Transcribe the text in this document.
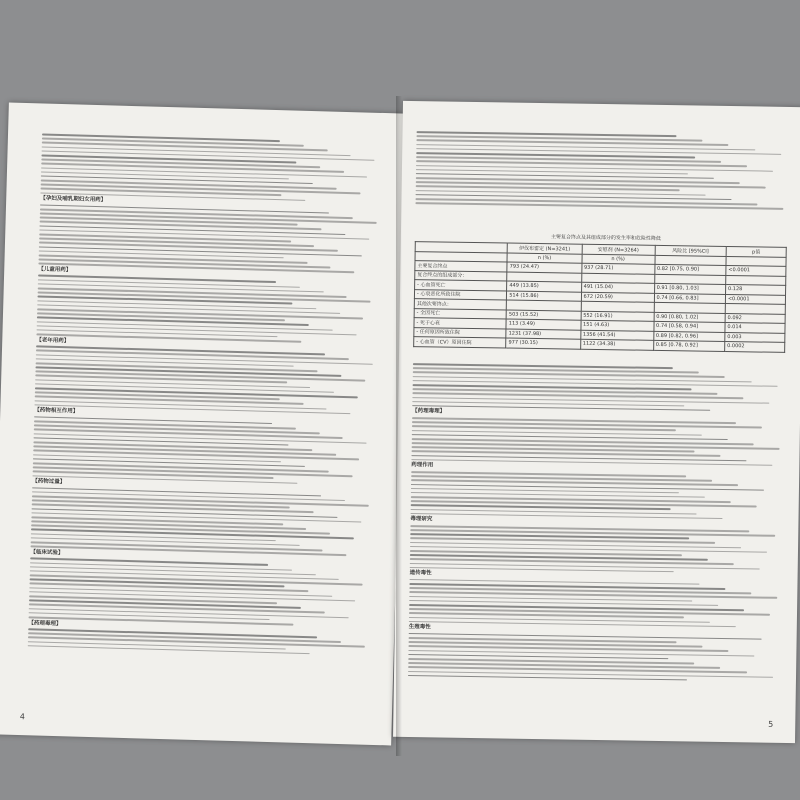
【孕妇及哺乳期妇女用药】
【儿童用药】
【老年用药】
【药物相互作用】
【药物过量】
【临床试验】
【药理毒理】
4
主要复合终点及其组成部分的发生率和危险性降低
	伊伐布雷定 (N=3241)	安慰剂 (N=3264)	风险比 [95%CI]	p值
	n (%)	n (%)		
主要复合终点	793 (24.47)	937 (28.71)	0.82 [0.75, 0.90]	<0.0001
复合终点的组成部分：				
- 心血管死亡	449 (13.85)	491 (15.04)	0.91 [0.80, 1.03]	0.128
- 心衰恶化所致住院	514 (15.86)	672 (20.59)	0.74 [0.66, 0.83]	<0.0001
其他次要终点：				
- 全因死亡	503 (15.52)	552 (16.91)	0.90 [0.80, 1.02]	0.092
- 死于心衰	113 (3.49)	151 (4.63)	0.74 [0.58, 0.94]	0.014
- 任何原因所致住院	1231 (37.98)	1356 (41.54)	0.89 [0.82, 0.96]	0.003
- 心血管（CV）原因住院	977 (30.15)	1122 (34.38)	0.85 [0.78, 0.92]	0.0002
【药理毒理】
药理作用
毒理研究
遗传毒性
生殖毒性
5
